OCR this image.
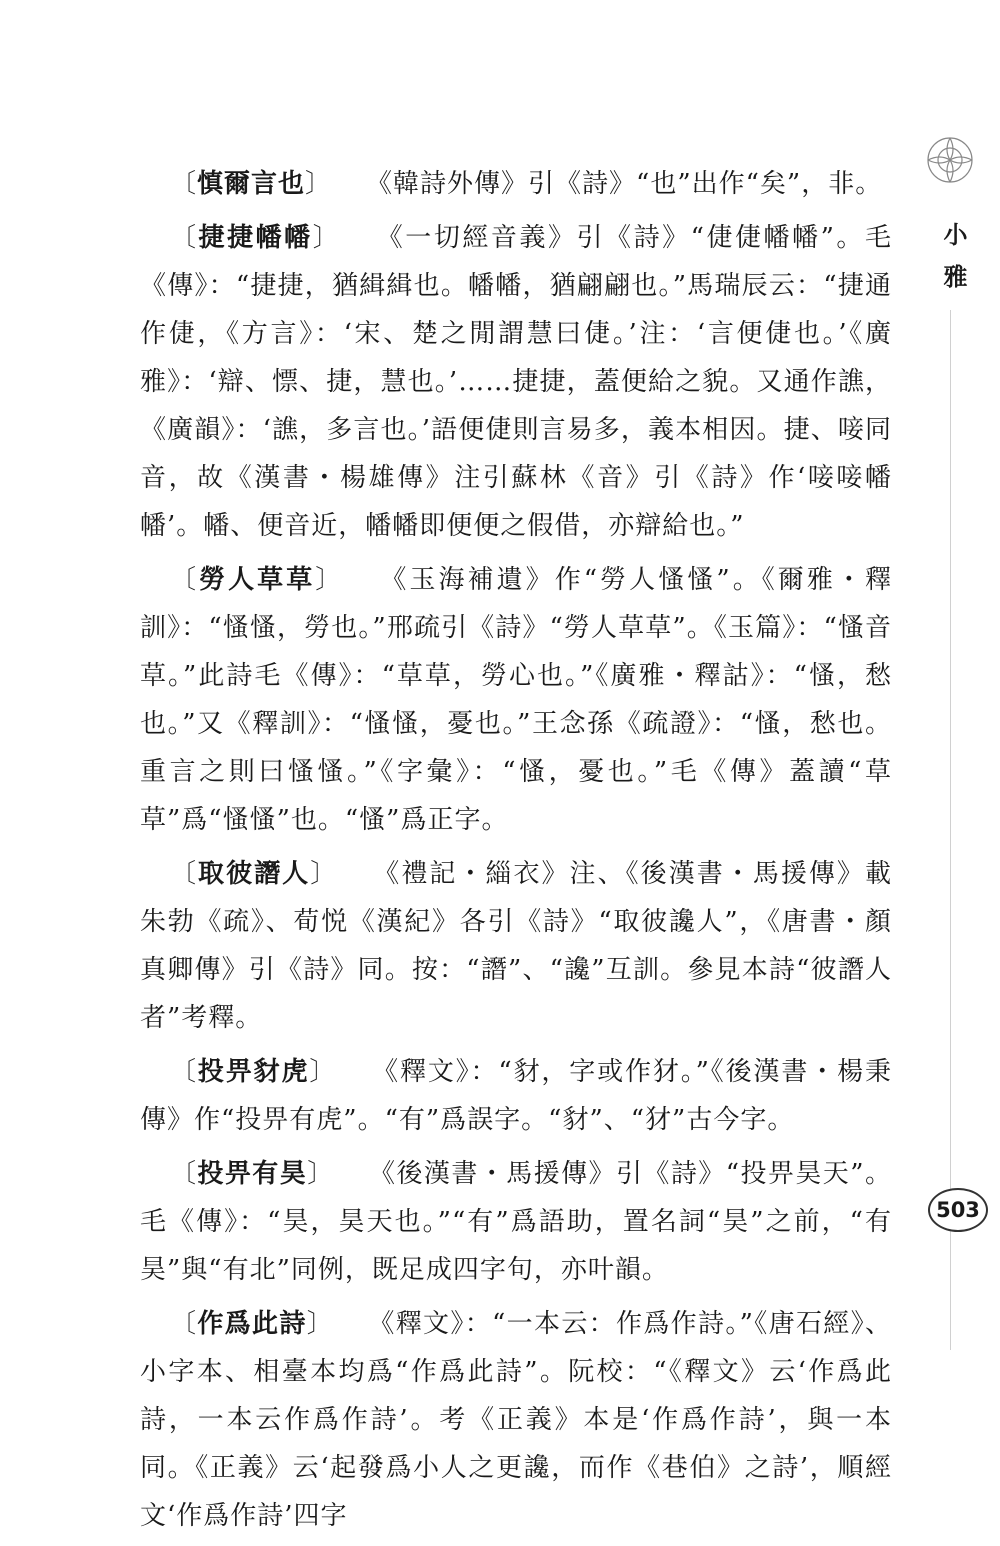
〔慎爾言也〕 《韓詩外傳》引《詩》“也”出作“矣”，非。

〔捷捷幡幡〕 《一切經音義》引《詩》“倢倢幡幡”。毛《傳》：“捷捷，猶緝緝也。幡幡，猶翩翩也。”馬瑞辰云：“捷通作倢，《方言》：‘宋、楚之閒謂慧曰倢。’注：‘言便倢也。’《廣雅》：‘辯、慓、捷，慧也。’……捷捷，蓋便給之貌。又通作譙，《廣韻》：‘譙，多言也。’語便倢則言易多，義本相因。捷、唼同音，故《漢書・楊雄傳》注引蘇林《音》引《詩》作‘唼唼幡幡’。幡、便音近，幡幡即便便之假借，亦辯給也。”

〔勞人草草〕 《玉海補遺》作“勞人慅慅”。《爾雅・釋訓》：“慅慅，勞也。”邢疏引《詩》“勞人草草”。《玉篇》：“慅音草。”此詩毛《傳》：“草草，勞心也。”《廣雅・釋詁》：“慅，愁也。”又《釋訓》：“慅慅，憂也。”王念孫《疏證》：“慅，愁也。重言之則曰慅慅。”《字彙》：“慅，憂也。”毛《傳》蓋讀“草草”爲“慅慅”也。“慅”爲正字。

〔取彼譖人〕 《禮記・緇衣》注、《後漢書・馬援傳》載朱勃《疏》、荀悦《漢紀》各引《詩》“取彼讒人”，《唐書・顏真卿傳》引《詩》同。按：“譖”、“讒”互訓。參見本詩“彼譖人者”考釋。

〔投畀豺虎〕 《釋文》：“豺，字或作犲。”《後漢書・楊秉傳》作“投畀有虎”。“有”爲誤字。“豺”、“犲”古今字。

〔投畀有昊〕 《後漢書・馬援傳》引《詩》“投畀昊天”。毛《傳》：“昊，昊天也。”“有”爲語助，置名詞“昊”之前，“有昊”與“有北”同例，既足成四字句，亦叶韻。

〔作爲此詩〕 《釋文》：“一本云：作爲作詩。”《唐石經》、小字本、相臺本均爲“作爲此詩”。阮校：“《釋文》云‘作爲此詩，一本云作爲作詩’。考《正義》本是‘作爲作詩’，與一本同。《正義》云‘起發爲小人之更讒，而作《巷伯》之詩’，順經文‘作爲作詩’四字

小雅
503
